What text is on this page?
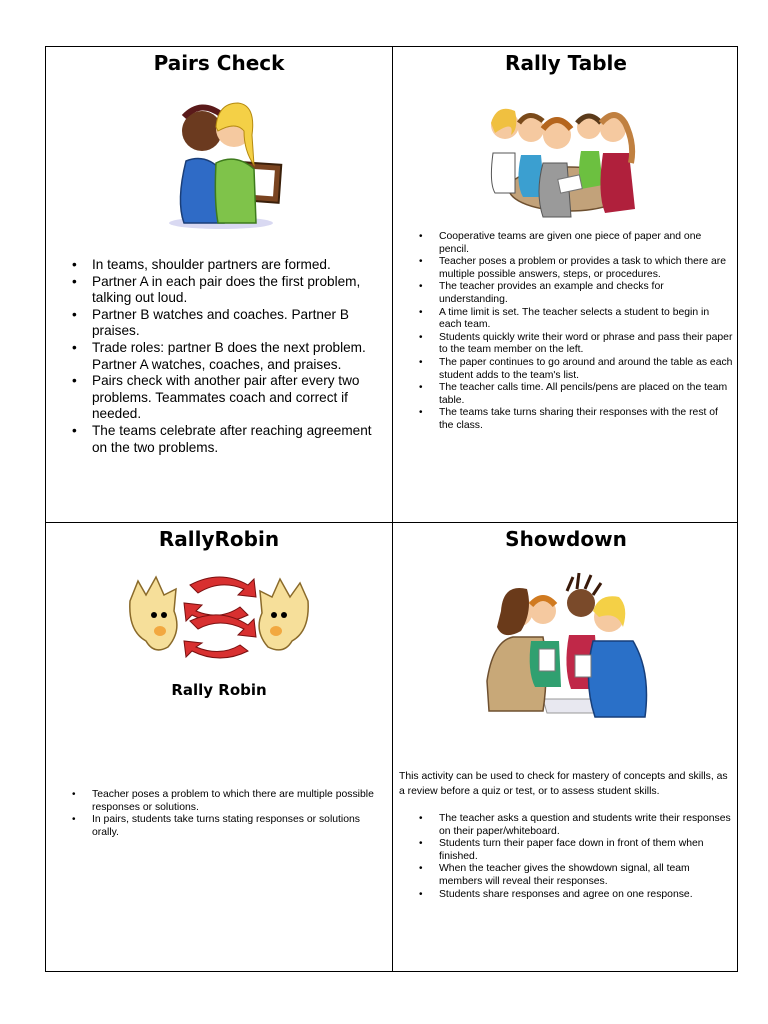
Pairs Check
• In teams, shoulder partners are formed.
• Partner A in each pair does the first problem, talking out loud.
• Partner B watches and coaches. Partner B praises.
• Trade roles: partner B does the next problem. Partner A watches, coaches, and praises.
• Pairs check with another pair after every two problems. Teammates coach and correct if needed.
• The teams celebrate after reaching agreement on the two problems.
Rally Table
• Cooperative teams are given one piece of paper and one pencil.
• Teacher poses a problem or provides a task to which there are multiple possible answers, steps, or procedures.
• The teacher provides an example and checks for understanding.
• A time limit is set. The teacher selects a student to begin in each team.
• Students quickly write their word or phrase and pass their paper to the team member on the left.
• The paper continues to go around and around the table as each student adds to the team's list.
• The teacher calls time. All pencils/pens are placed on the team table.
• The teams take turns sharing their responses with the rest of the class.
RallyRobin
Rally Robin
• Teacher poses a problem to which there are multiple possible responses or solutions.
• In pairs, students take turns stating responses or solutions orally.
Showdown
This activity can be used to check for mastery of concepts and skills, as a review before a quiz or test, or to assess student skills.
• The teacher asks a question and students write their responses on their paper/whiteboard.
• Students turn their paper face down in front of them when finished.
• When the teacher gives the showdown signal, all team members will reveal their responses.
• Students share responses and agree on one response.
